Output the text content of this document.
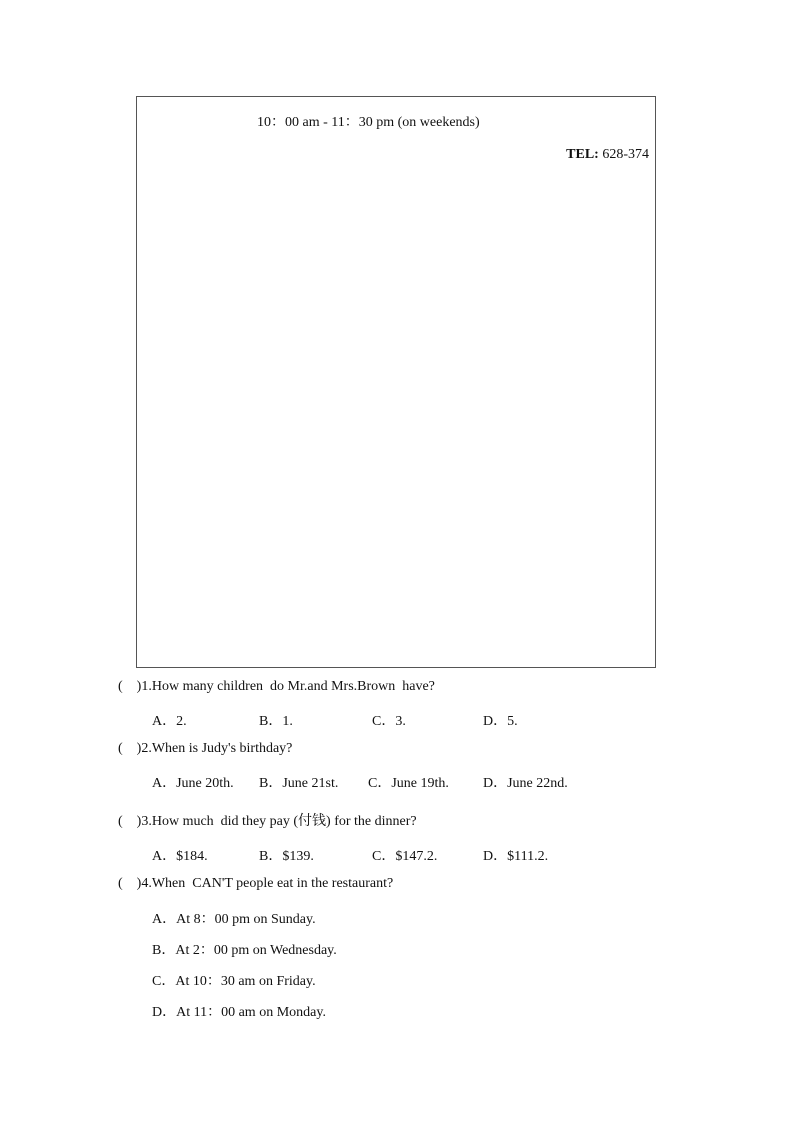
10：00 am - 11：30 pm (on weekends)
TEL: 628-374
( )1.How many children  do Mr.and Mrs.Brown  have?
A．2.	B．1.	C．3.	D．5.
( )2.When is Judy's birthday?
A．June 20th. B．June 21st. C．June 19th. D．June 22nd.
( )3.How much  did they pay (付钱) for the dinner?
A．$184.	B．$139.	C．$147.2.	D．$111.2.
( )4.When  CAN'T people eat in the restaurant?
A．At 8：00 pm on Sunday.
B．At 2：00 pm on Wednesday.
C．At 10：30 am on Friday.
D．At 11：00 am on Monday.
